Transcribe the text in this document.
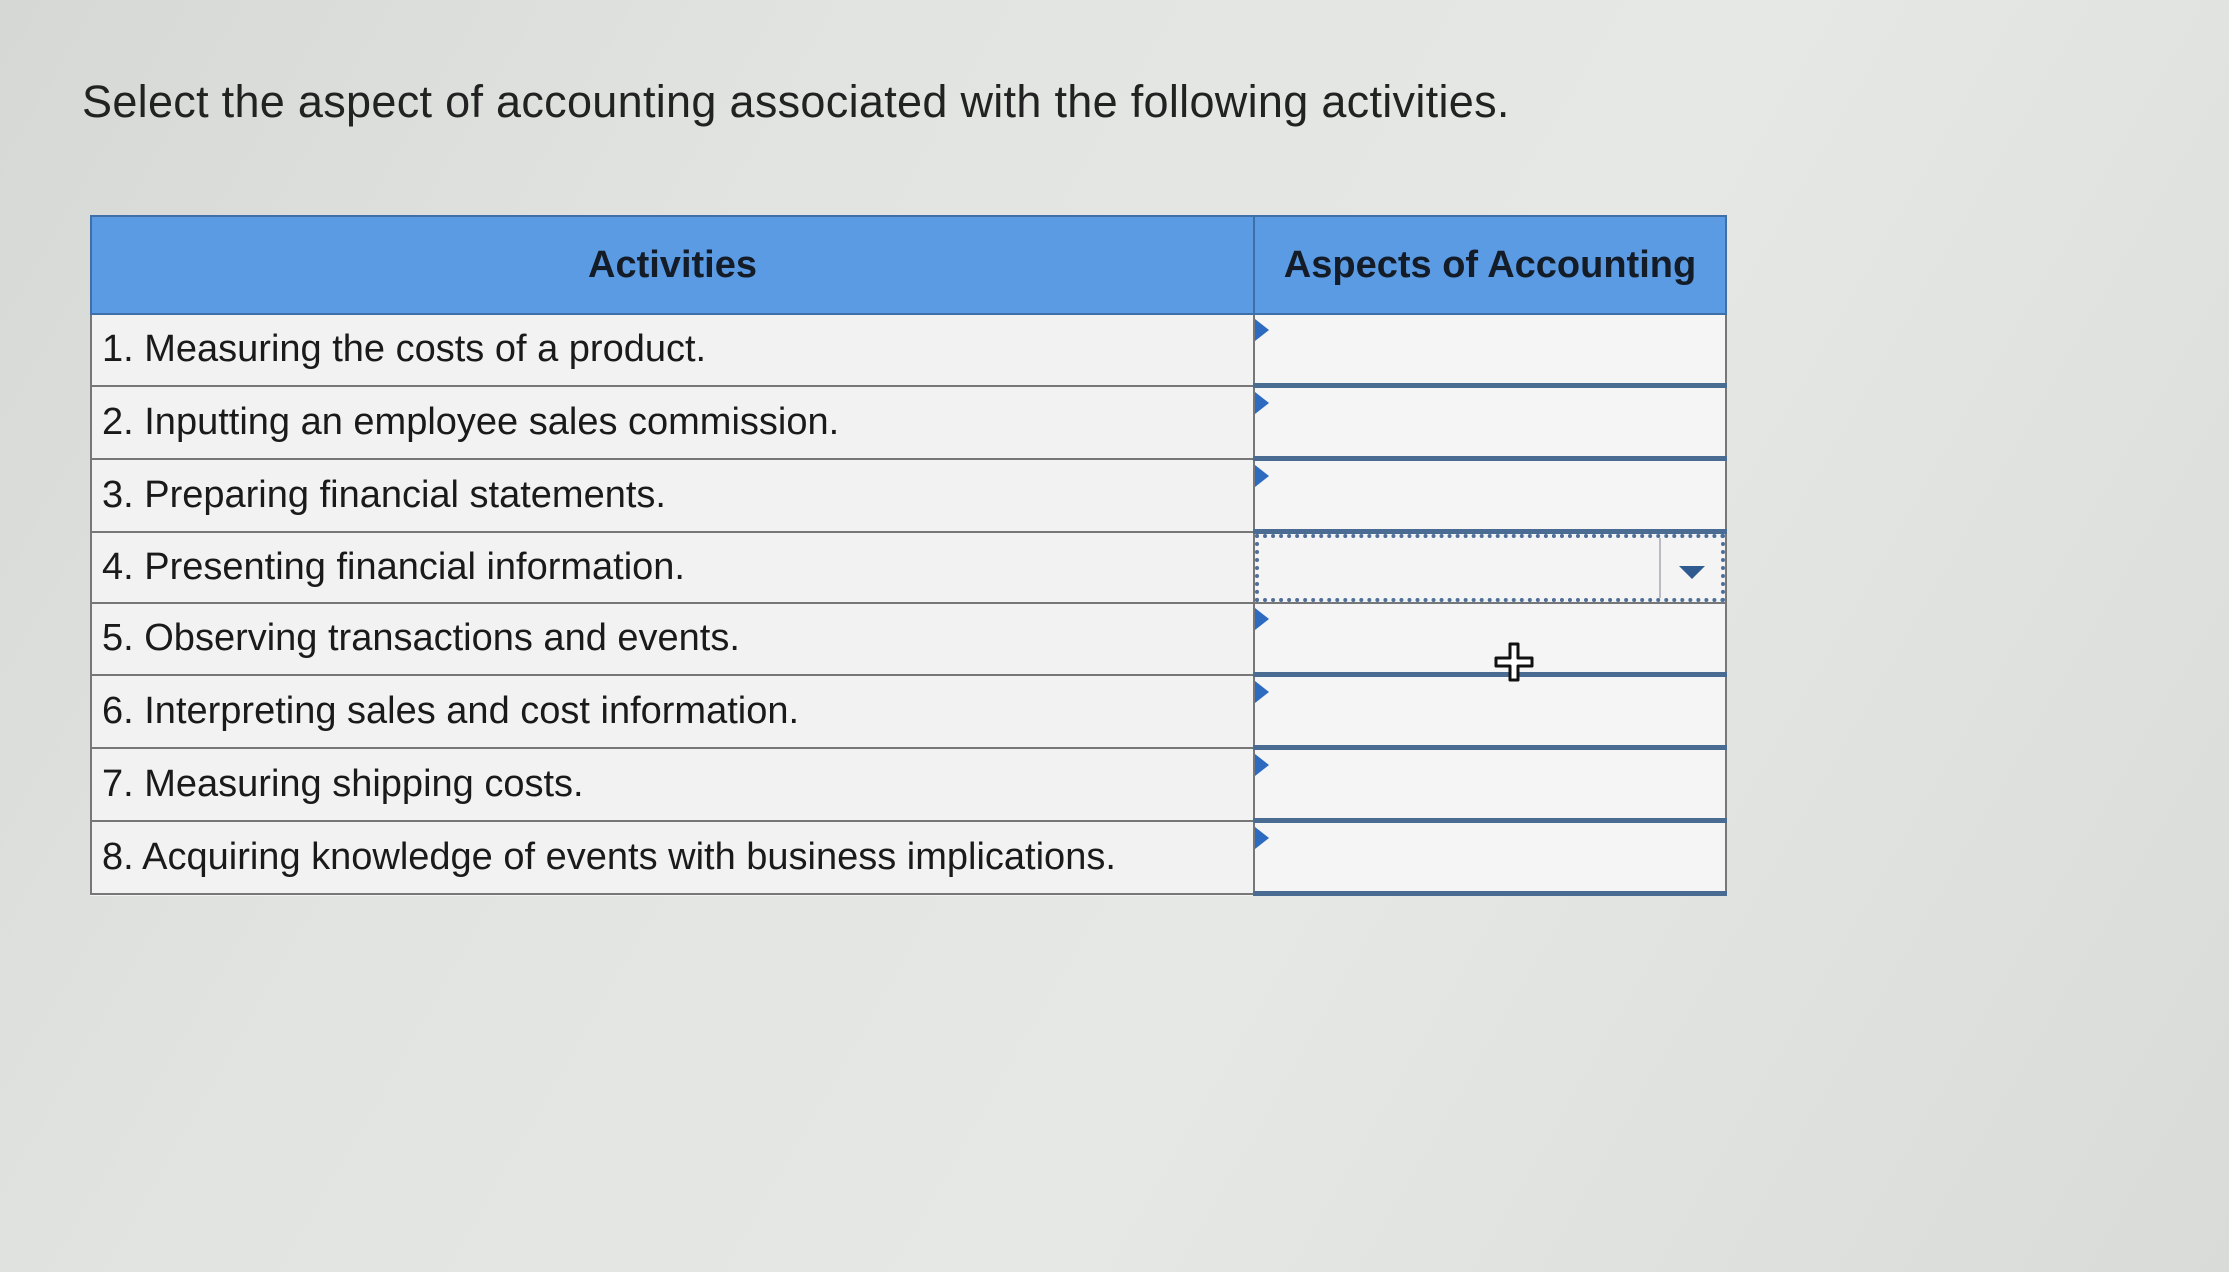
Select the aspect of accounting associated with the following activities.
Activities	Aspects of Accounting
1. Measuring the costs of a product.	

2. Inputting an employee sales commission.	

3. Preparing financial statements.	

4. Presenting financial information.	

5. Observing transactions and events.	

6. Interpreting sales and cost information.	

7. Measuring shipping costs.	

8. Acquiring knowledge of events with business implications.	
